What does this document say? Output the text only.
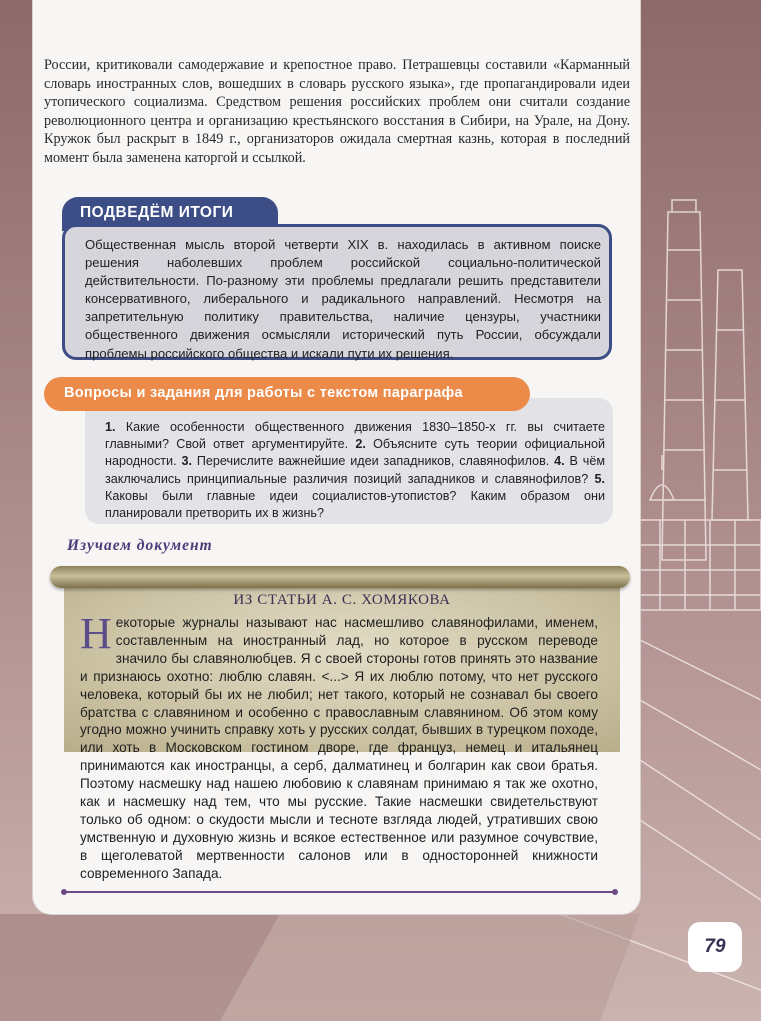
России, критиковали самодержавие и крепостное право. Петрашевцы составили «Карманный словарь иностранных слов, вошедших в словарь русского языка», где пропагандировали идеи утопического социализма. Средством решения российских проблем они считали создание революционного центра и организацию крестьянского восстания в Сибири, на Урале, на Дону. Кружок был раскрыт в 1849 г., организаторов ожидала смертная казнь, которая в последний момент была заменена каторгой и ссылкой.

ПОДВЕДЁМ ИТОГИ
Общественная мысль второй четверти XIX в. находилась в активном поиске решения наболевших проблем российской социально-политической действительности. По-разному эти проблемы предлагали решить представители консервативного, либерального и радикального направлений. Несмотря на запретительную политику правительства, наличие цензуры, участники общественного движения осмысляли исторический путь России, обсуждали проблемы российского общества и искали пути их решения.
1. Какие особенности общественного движения 1830–1850-х гг. вы считаете главными? Свой ответ аргументируйте. 2. Объясните суть теории официальной народности. 3. Перечислите важнейшие идеи западников, славянофилов. 4. В чём заключались принципиальные различия позиций западников и славянофилов? 5. Каковы были главные идеи социалистов-утопистов? Каким образом они планировали претворить их в жизнь?
Вопросы и задания для работы с текстом параграфа
Изучаем документ
ИЗ СТАТЬИ А. С. ХОМЯКОВА
Некоторые журналы называют нас насмешливо славянофилами, именем, составленным на иностранный лад, но которое в русском переводе значило бы славянолюбцев. Я с своей стороны готов принять это название и признаюсь охотно: люблю славян. <...> Я их люблю потому, что нет русского человека, который бы их не любил; нет такого, который не сознавал бы своего братства с славянином и особенно с православным славянином. Об этом кому угодно можно учинить справку хоть у русских солдат, бывших в турецком походе, или хоть в Московском гостином дворе, где француз, немец и итальянец принимаются как иностранцы, а серб, далматинец и болгарин как свои братья. Поэтому насмешку над нашею любовию к славянам принимаю я так же охотно, как и насмешку над тем, что мы русские. Такие насмешки свидетельствуют только об одном: о скудости мысли и тесноте взгляда людей, утративших свою умственную и духовную жизнь и всякое естественное или разумное сочувствие, в щеголеватой мертвенности салонов или в односторонней книжности современного Запада.
79
